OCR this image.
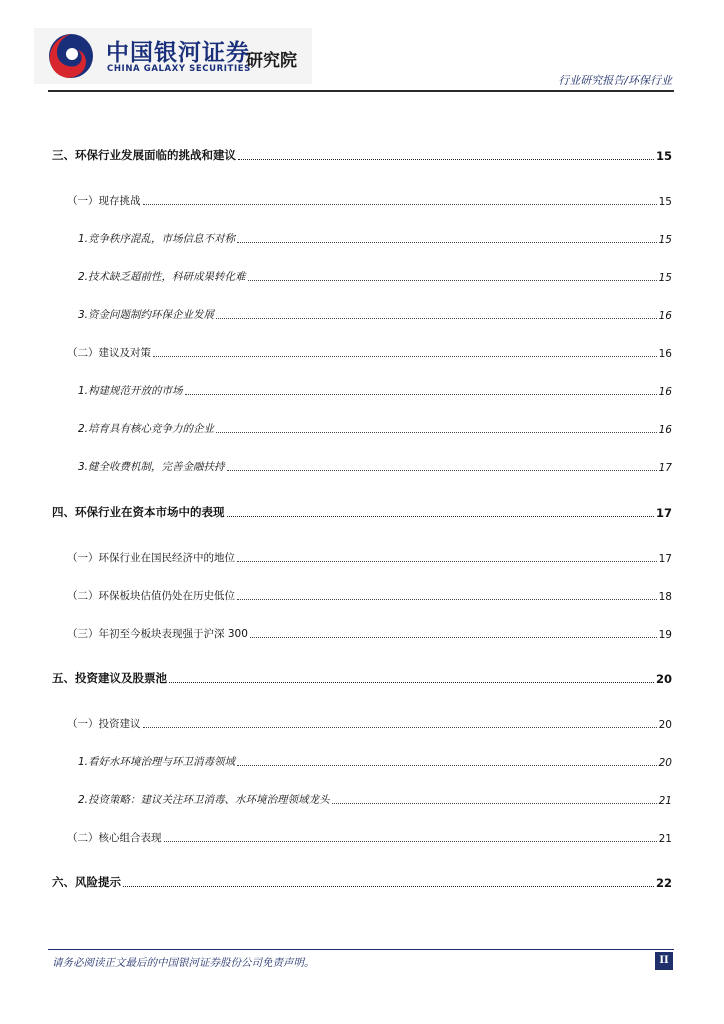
中国银河证券
CHINA GALAXY SECURITIES
研究院
行业研究报告/环保行业
三、环保行业发展面临的挑战和建议	15
（一）现存挑战	15
1.竞争秩序混乱，市场信息不对称	15
2.技术缺乏超前性，科研成果转化难	15
3.资金问题制约环保企业发展	16
（二）建议及对策	16
1.构建规范开放的市场	16
2.培育具有核心竞争力的企业	16
3.健全收费机制，完善金融扶持	17
四、环保行业在资本市场中的表现	17
（一）环保行业在国民经济中的地位	17
（二）环保板块估值仍处在历史低位	18
（三）年初至今板块表现强于沪深 300	19
五、投资建议及股票池	20
（一）投资建议	20
1.看好水环境治理与环卫消毒领域	20
2.投资策略：建议关注环卫消毒、水环境治理领域龙头	21
（二）核心组合表现	21
六、风险提示	22
请务必阅读正文最后的中国银河证券股份公司免责声明。	II
